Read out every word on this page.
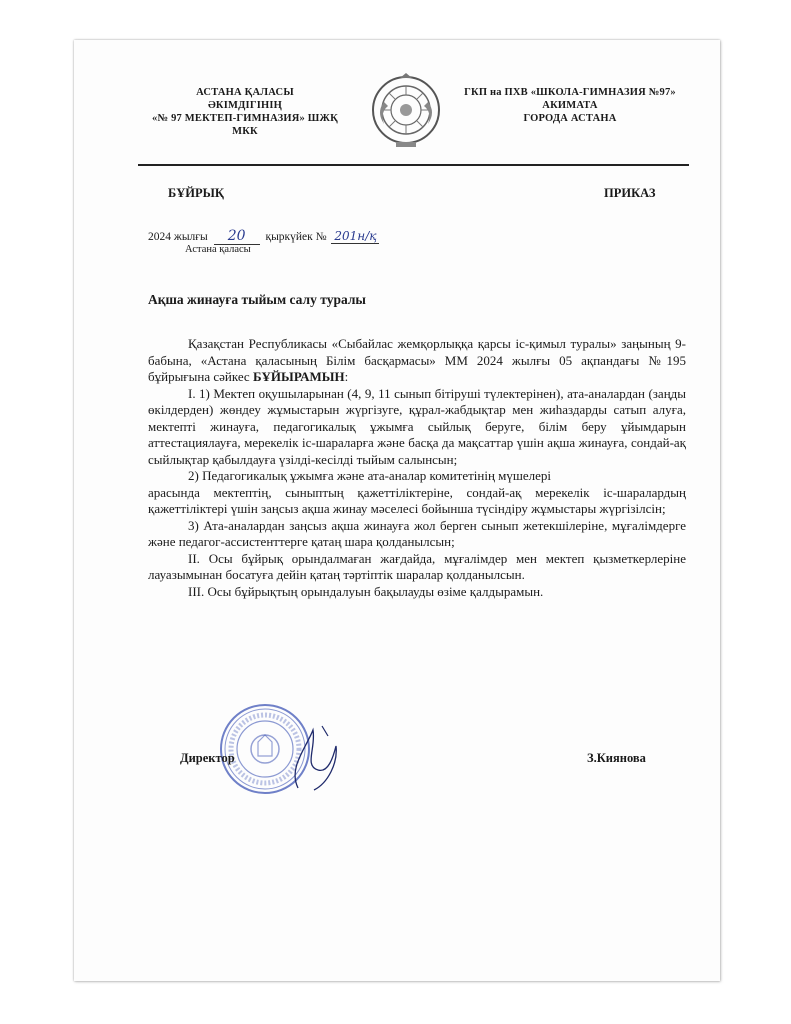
АСТАНА ҚАЛАСЫ
ӘКІМДІГІНІҢ
«№ 97 МЕКТЕП-ГИМНАЗИЯ» ШЖҚ МКК
ГКП на ПХВ «ШКОЛА-ГИМНАЗИЯ №97»
АКИМАТА
ГОРОДА АСТАНА
БҰЙРЫҚ	ПРИКАЗ
2024 жылғы 20 қыркүйек № 201н/қ
Астана қаласы
Ақша жинауға тыйым салу туралы

Қазақстан Республикасы «Сыбайлас жемқорлыққа қарсы іс-қимыл туралы» заңының 9-бабына, «Астана қаласының Білім басқармасы» ММ 2024 жылғы 05 ақпандағы №195 бұйрығына сәйкес БҰЙЫРАМЫН:

І. 1) Мектеп оқушыларынан (4, 9, 11 сынып бітіруші түлектерінен), ата-аналардан (заңды өкілдерден) жөндеу жұмыстарын жүргізуге, құрал-жабдықтар мен жиһаздарды сатып алуға, мектепті жинауға, педагогикалық ұжымға сыйлық беруге, білім беру ұйымдарын аттестациялауға, мерекелік іс-шараларға және басқа да мақсаттар үшін ақша жинауға, сондай-ақ сыйлықтар қабылдауға үзілді-кесілді тыйым салынсын;

2) Педагогикалық ұжымға және ата-аналар комитетінің мүшелері

арасында мектептің, сыныптың қажеттіліктеріне, сондай-ақ мерекелік іс-шаралардың қажеттіліктері үшін заңсыз ақша жинау мәселесі бойынша түсіндіру жұмыстары жүргізілсін;

3) Ата-аналардан заңсыз ақша жинауға жол берген сынып жетекшілеріне, мұғалімдерге және педагог-ассистенттерге қатаң шара қолданылсын;

ІІ. Осы бұйрық орындалмаған жағдайда, мұғалімдер мен мектеп қызметкерлеріне лауазымынан босатуға дейін қатаң тәртіптік шаралар қолданылсын.

ІІІ. Осы бұйрықтың орындалуын бақылауды өзіме қалдырамын.

Директор	З.Киянова
